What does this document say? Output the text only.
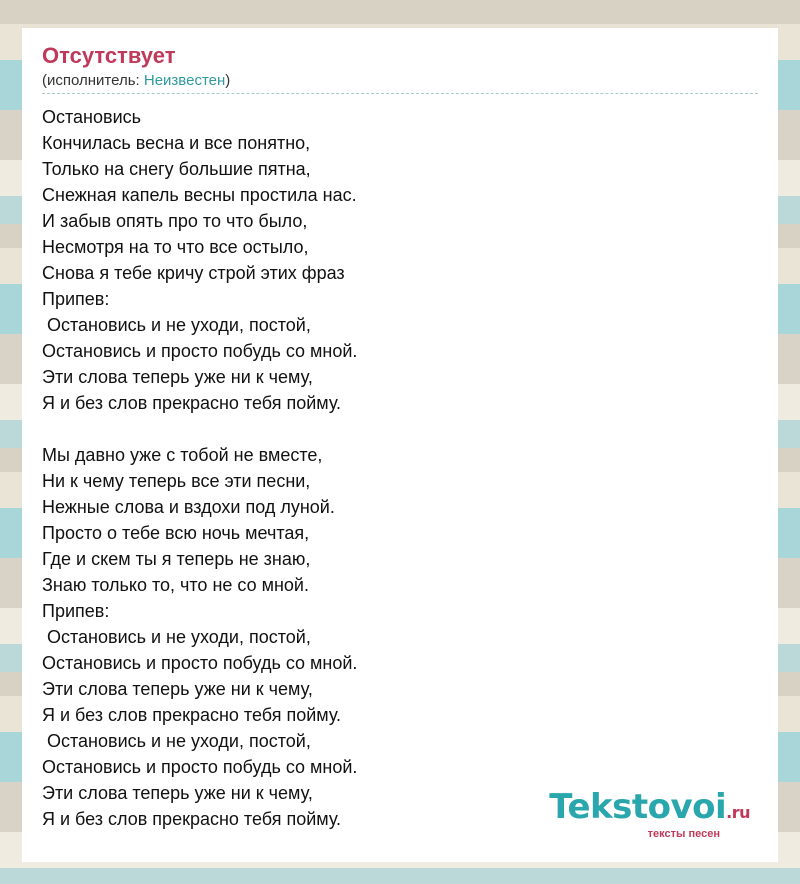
Отсутствует
(исполнитель: Неизвестен)
Остановись
Кончилась весна и все понятно,
Только на снегу большие пятна,
Снежная капель весны простила нас.
И забыв опять про то что было,
Несмотря на то что все остыло,
Снова я тебе кричу строй этих фраз
Припев:
Остановись и не уходи, постой,
Остановись и просто побудь со мной.
Эти слова теперь уже ни к чему,
Я и без слов прекрасно тебя пойму.
Мы давно уже с тобой не вместе,
Ни к чему теперь все эти песни,
Нежные слова и вздохи под луной.
Просто о тебе всю ночь мечтая,
Где и скем ты я теперь не знаю,
Знаю только то, что не со мной.
Припев:
Остановись и не уходи, постой,
Остановись и просто побудь со мной.
Эти слова теперь уже ни к чему,
Я и без слов прекрасно тебя пойму.
Остановись и не уходи, постой,
Остановись и просто побудь со мной.
Эти слова теперь уже ни к чему,
Я и без слов прекрасно тебя пойму.	Tekstovoi.ru
тексты песен
